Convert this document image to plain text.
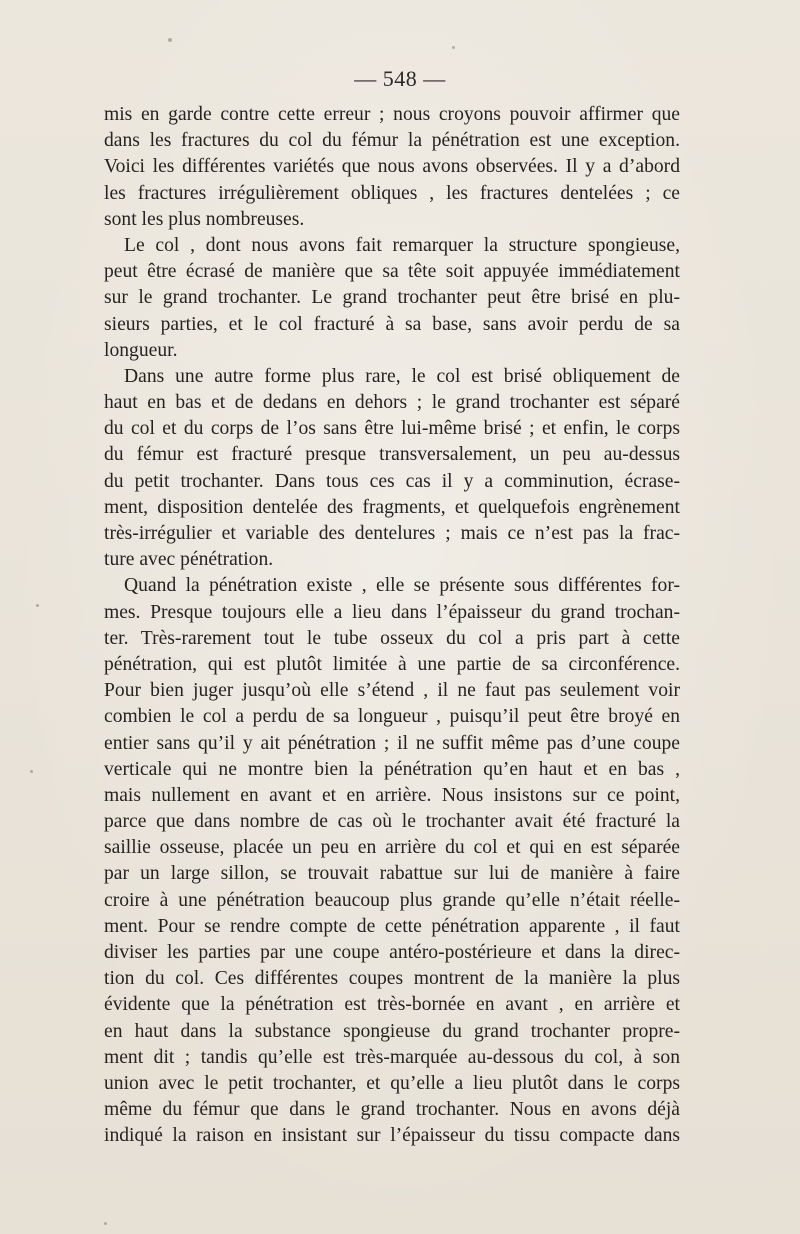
— 548 —
mis en garde contre cette erreur ; nous croyons pouvoir affirmer que
dans les fractures du col du fémur la pénétration est une exception.
Voici les différentes variétés que nous avons observées. Il y a d’abord
les fractures irrégulièrement obliques , les fractures dentelées ; ce
sont les plus nombreuses.
Le col , dont nous avons fait remarquer la structure spongieuse,
peut être écrasé de manière que sa tête soit appuyée immédiatement
sur le grand trochanter. Le grand trochanter peut être brisé en plu-
sieurs parties, et le col fracturé à sa base, sans avoir perdu de sa
longueur.
Dans une autre forme plus rare, le col est brisé obliquement de
haut en bas et de dedans en dehors ; le grand trochanter est séparé
du col et du corps de l’os sans être lui-même brisé ; et enfin, le corps
du fémur est fracturé presque transversalement, un peu au-dessus
du petit trochanter. Dans tous ces cas il y a comminution, écrase-
ment, disposition dentelée des fragments, et quelquefois engrènement
très-irrégulier et variable des dentelures ; mais ce n’est pas la frac-
ture avec pénétration.
Quand la pénétration existe , elle se présente sous différentes for-
mes. Presque toujours elle a lieu dans l’épaisseur du grand trochan-
ter. Très-rarement tout le tube osseux du col a pris part à cette
pénétration, qui est plutôt limitée à une partie de sa circonférence.
Pour bien juger jusqu’où elle s’étend , il ne faut pas seulement voir
combien le col a perdu de sa longueur , puisqu’il peut être broyé en
entier sans qu’il y ait pénétration ; il ne suffit même pas d’une coupe
verticale qui ne montre bien la pénétration qu’en haut et en bas ,
mais nullement en avant et en arrière. Nous insistons sur ce point,
parce que dans nombre de cas où le trochanter avait été fracturé la
saillie osseuse, placée un peu en arrière du col et qui en est séparée
par un large sillon, se trouvait rabattue sur lui de manière à faire
croire à une pénétration beaucoup plus grande qu’elle n’était réelle-
ment. Pour se rendre compte de cette pénétration apparente , il faut
diviser les parties par une coupe antéro-postérieure et dans la direc-
tion du col. Ces différentes coupes montrent de la manière la plus
évidente que la pénétration est très-bornée en avant , en arrière et
en haut dans la substance spongieuse du grand trochanter propre-
ment dit ; tandis qu’elle est très-marquée au-dessous du col, à son
union avec le petit trochanter, et qu’elle a lieu plutôt dans le corps
même du fémur que dans le grand trochanter. Nous en avons déjà
indiqué la raison en insistant sur l’épaisseur du tissu compacte dans
